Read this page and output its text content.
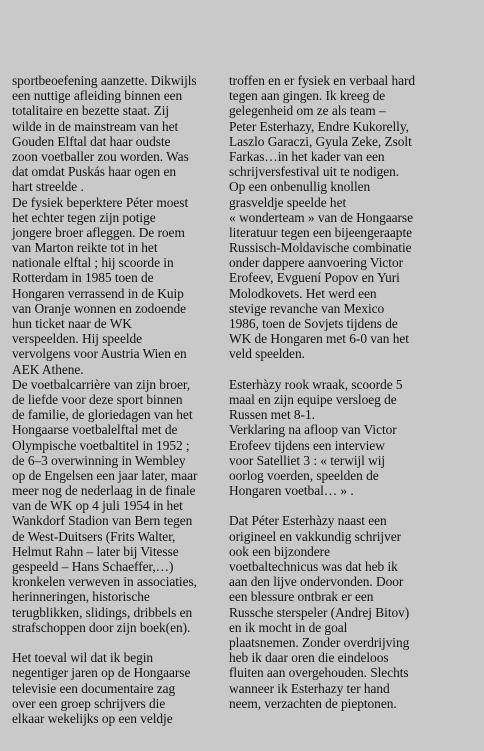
sportbeoefening aanzette. Dikwijls
een nuttige afleiding binnen een
totalitaire en bezette staat. Zij
wilde in de mainstream van het
Gouden Elftal dat haar oudste
zoon voetballer zou worden. Was
dat omdat Puskás haar ogen en
hart streelde .
De fysiek beperktere Péter moest
het echter tegen zijn potige
jongere broer afleggen. De roem
van Marton reikte tot in het
nationale elftal ; hij scoorde in
Rotterdam in 1985 toen de
Hongaren verrassend in de Kuip
van Oranje wonnen en zodoende
hun ticket naar de WK
verspeelden. Hij speelde
vervolgens voor Austria Wien en
AEK Athene.
De voetbalcarrière van zijn broer,
de liefde voor deze sport binnen
de familie, de gloriedagen van het
Hongaarse voetbalelftal met de
Olympische voetbaltitel in 1952 ;
de 6–3 overwinning in Wembley
op de Engelsen een jaar later, maar
meer nog de nederlaag in de finale
van de WK op 4 juli 1954 in het
Wankdorf Stadion van Bern tegen
de West-Duitsers (Frits Walter,
Helmut Rahn – later bij Vitesse
gespeeld – Hans Schaeffer,…)
kronkelen verweven in associaties,
herinneringen, historische
terugblikken, slidings, dribbels en
strafschoppen door zijn boek(en).
Het toeval wil dat ik begin
negentiger jaren op de Hongaarse
televisie een documentaire zag
over een groep schrijvers die
elkaar wekelijks op een veldje
troffen en er fysiek en verbaal hard
tegen aan gingen. Ik kreeg de
gelegenheid om ze als team –
Peter Esterhazy, Endre Kukorelly,
Laszlo Garaczi, Gyula Zeke, Zsolt
Farkas…in het kader van een
schrijversfestival uit te nodigen.
Op een onbenullig knollen
grasveldje speelde het
« wonderteam » van de Hongaarse
literatuur tegen een bijeengeraapte
Russisch-Moldavische combinatie
onder dappere aanvoering Victor
Erofeev, Evguení Popov en Yuri
Molodkovets. Het werd een
stevige revanche van Mexico
1986, toen de Sovjets tijdens de
WK de Hongaren met 6-0 van het
veld speelden.
Esterhàzy rook wraak, scoorde 5
maal en zijn equipe versloeg de
Russen met 8-1.
Verklaring na afloop van Victor
Erofeev tijdens een interview
voor Satelliet 3 : « terwijl wij
oorlog voerden, speelden de
Hongaren voetbal… » .
Dat Péter Esterhàzy naast een
origineel en vakkundig schrijver
ook een bijzondere
voetbaltechnicus was dat heb ik
aan den lijve ondervonden. Door
een blessure ontbrak er een
Russche sterspeler (Andrej Bitov)
en ik mocht in de goal
plaatsnemen. Zonder overdrijving
heb ik daar oren die eindeloos
fluiten aan overgehouden. Slechts
wanneer ik Esterhazy ter hand
neem, verzachten de pieptonen.
